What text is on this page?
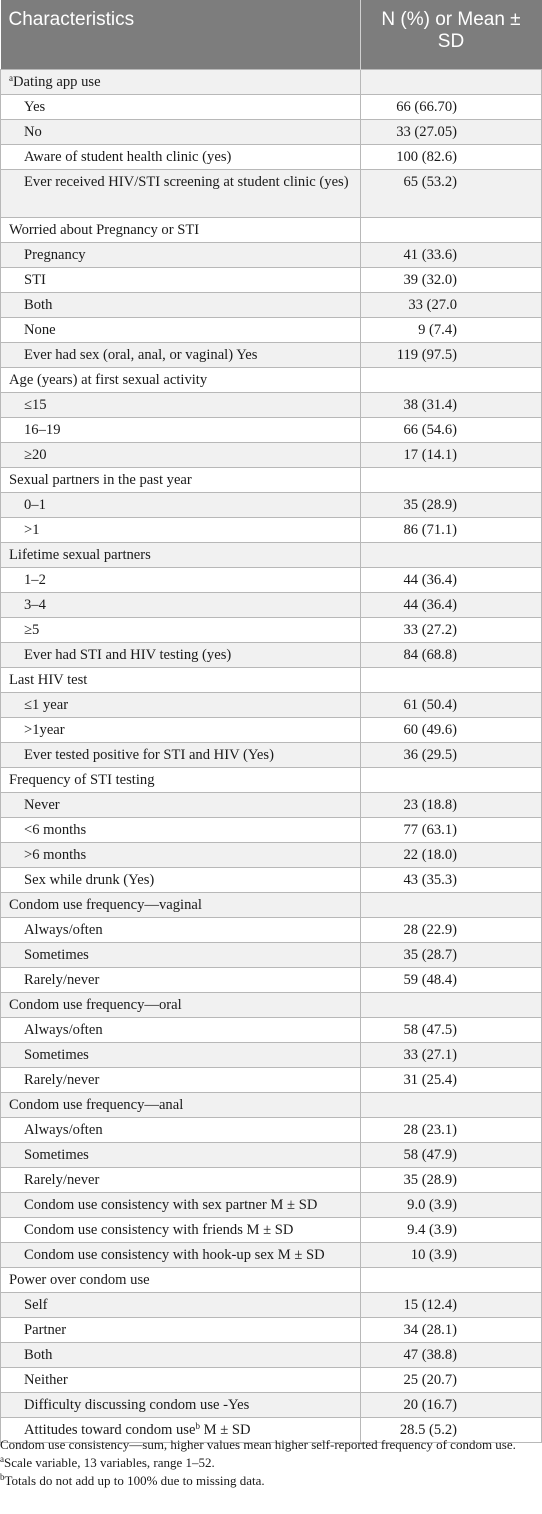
Characteristics	N (%) or Mean ± SD
$^a$Dating app use	
Yes	66 (66.70)
No	33 (27.05)
Aware of student health clinic (yes)	100 (82.6)
Ever received HIV/STI screening at student clinic (yes)	65 (53.2)
Worried about Pregnancy or STI	
Pregnancy	41 (33.6)
STI	39 (32.0)
Both	33 (27.0
None	9 (7.4)
Ever had sex (oral, anal, or vaginal) Yes	119 (97.5)
Age (years) at first sexual activity	
≤15	38 (31.4)
16–19	66 (54.6)
≥20	17 (14.1)
Sexual partners in the past year	
0–1	35 (28.9)
>1	86 (71.1)
Lifetime sexual partners	
1–2	44 (36.4)
3–4	44 (36.4)
≥5	33 (27.2)
Ever had STI and HIV testing (yes)	84 (68.8)
Last HIV test	
≤1 year	61 (50.4)
>1year	60 (49.6)
Ever tested positive for STI and HIV (Yes)	36 (29.5)
Frequency of STI testing	
Never	23 (18.8)
<6 months	77 (63.1)
>6 months	22 (18.0)
Sex while drunk (Yes)	43 (35.3)
Condom use frequency—vaginal	
Always/often	28 (22.9)
Sometimes	35 (28.7)
Rarely/never	59 (48.4)
Condom use frequency—oral	
Always/often	58 (47.5)
Sometimes	33 (27.1)
Rarely/never	31 (25.4)
Condom use frequency—anal	
Always/often	28 (23.1)
Sometimes	58 (47.9)
Rarely/never	35 (28.9)
Condom use consistency with sex partner M ± SD	9.0 (3.9)
Condom use consistency with friends M ± SD	9.4 (3.9)
Condom use consistency with hook-up sex M ± SD	10 (3.9)
Power over condom use	
Self	15 (12.4)
Partner	34 (28.1)
Both	47 (38.8)
Neither	25 (20.7)
Difficulty discussing condom use -Yes	20 (16.7)
Attitudes toward condom use$^b$ M ± SD	28.5 (5.2)

Condom use consistency—sum, higher values mean higher self-reported frequency of condom use.

$^a$Scale variable, 13 variables, range 1–52.

$^b$Totals do not add up to 100% due to missing data.
